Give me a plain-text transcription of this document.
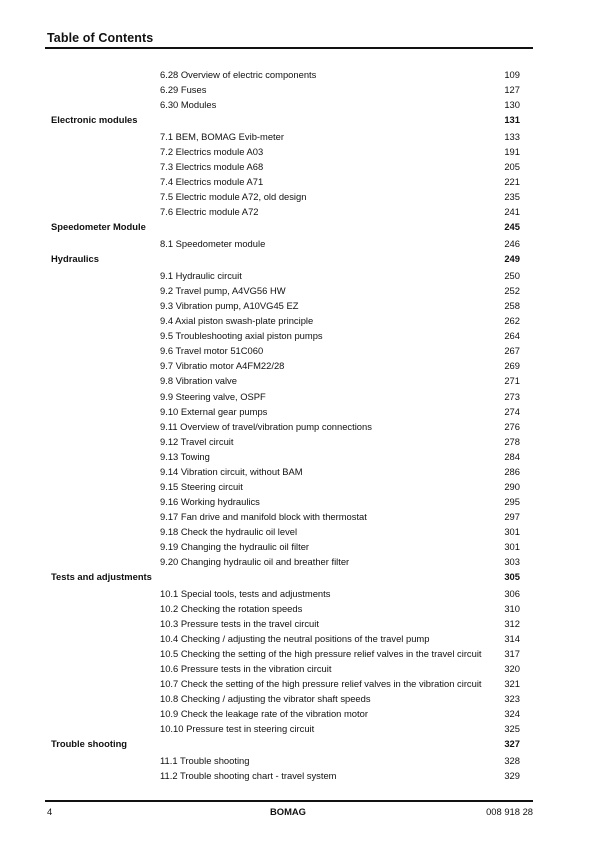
Table of Contents
6.28 Overview of electric components	109
6.29 Fuses	127
6.30 Modules	130
Electronic modules	131
7.1 BEM, BOMAG Evib-meter	133
7.2 Electrics module A03	191
7.3 Electrics module A68	205
7.4 Electrics module A71	221
7.5 Electric module A72, old design	235
7.6 Electric module A72	241
Speedometer Module	245
8.1 Speedometer module	246
Hydraulics	249
9.1 Hydraulic circuit	250
9.2 Travel pump, A4VG56 HW	252
9.3 Vibration pump, A10VG45 EZ	258
9.4 Axial piston swash-plate principle	262
9.5 Troubleshooting axial piston pumps	264
9.6 Travel motor 51C060	267
9.7 Vibratio motor A4FM22/28	269
9.8 Vibration valve	271
9.9 Steering valve, OSPF	273
9.10 External gear pumps	274
9.11 Overview of travel/vibration pump connections	276
9.12 Travel circuit	278
9.13 Towing	284
9.14 Vibration circuit, without BAM	286
9.15 Steering circuit	290
9.16 Working hydraulics	295
9.17 Fan drive and manifold block with thermostat	297
9.18 Check the hydraulic oil level	301
9.19 Changing the hydraulic oil filter	301
9.20 Changing hydraulic oil and breather filter	303
Tests and adjustments	305
10.1 Special tools, tests and adjustments	306
10.2 Checking the rotation speeds	310
10.3 Pressure tests in the travel circuit	312
10.4 Checking / adjusting the neutral positions of the travel pump	314
10.5 Checking the setting of the high pressure relief valves in the travel circuit 317
10.6 Pressure tests in the vibration circuit	320
10.7 Check the setting of the high pressure relief valves in the vibration circuit 321
10.8 Checking / adjusting the vibrator shaft speeds	323
10.9 Check the leakage rate of the vibration motor	324
10.10 Pressure test in steering circuit	325
Trouble shooting	327
11.1 Trouble shooting	328
11.2 Trouble shooting chart - travel system	329
4	BOMAG	008 918 28
